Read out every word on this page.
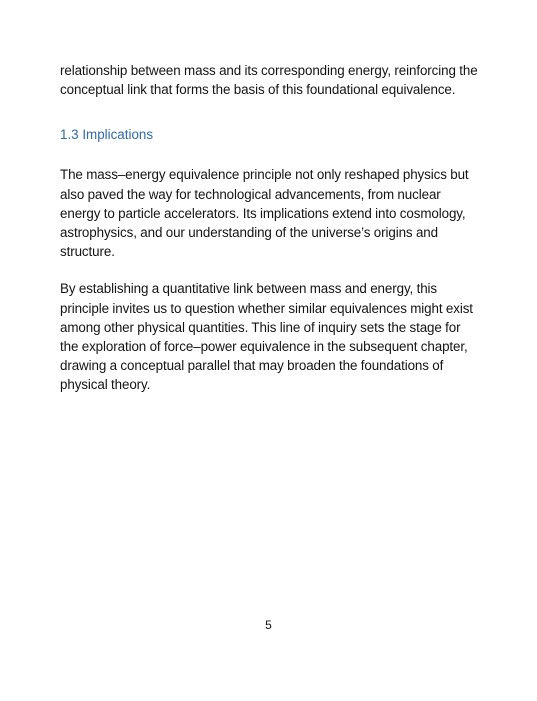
relationship between mass and its corresponding energy, reinforcing the conceptual link that forms the basis of this foundational equivalence.

1.3 Implications

The mass–energy equivalence principle not only reshaped physics but also paved the way for technological advancements, from nuclear energy to particle accelerators. Its implications extend into cosmology, astrophysics, and our understanding of the universe’s origins and structure.

By establishing a quantitative link between mass and energy, this principle invites us to question whether similar equivalences might exist among other physical quantities. This line of inquiry sets the stage for the exploration of force–power equivalence in the subsequent chapter, drawing a conceptual parallel that may broaden the foundations of physical theory.

5
